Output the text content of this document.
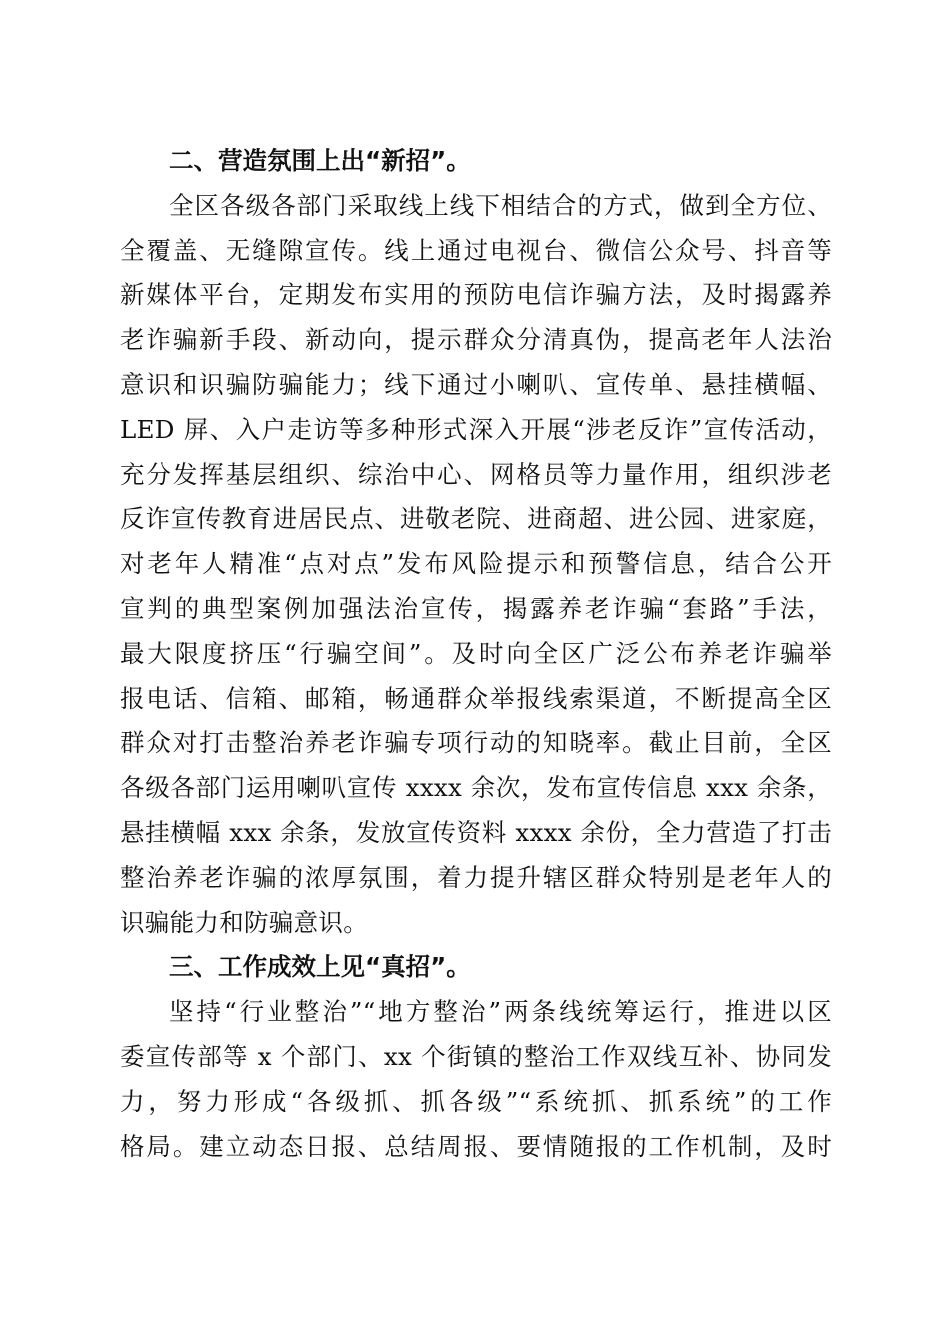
二、营造氛围上出“新招”。

全区各级各部门采取线上线下相结合的方式，做到全方位、
全覆盖、无缝隙宣传。线上通过电视台、微信公众号、抖音等
新媒体平台，定期发布实用的预防电信诈骗方法，及时揭露养
老诈骗新手段、新动向，提示群众分清真伪，提高老年人法治
意识和识骗防骗能力；线下通过小喇叭、宣传单、悬挂横幅、
LED 屏、入户走访等多种形式深入开展“涉老反诈”宣传活动，
充分发挥基层组织、综治中心、网格员等力量作用，组织涉老
反诈宣传教育进居民点、进敬老院、进商超、进公园、进家庭，
对老年人精准“点对点”发布风险提示和预警信息，结合公开
宣判的典型案例加强法治宣传，揭露养老诈骗“套路”手法，
最大限度挤压“行骗空间”。及时向全区广泛公布养老诈骗举
报电话、信箱、邮箱，畅通群众举报线索渠道，不断提高全区
群众对打击整治养老诈骗专项行动的知晓率。截止目前，全区
各级各部门运用喇叭宣传 xxxx 余次，发布宣传信息 xxx 余条，
悬挂横幅 xxx 余条，发放宣传资料 xxxx 余份，全力营造了打击
整治养老诈骗的浓厚氛围，着力提升辖区群众特别是老年人的
识骗能力和防骗意识。

三、工作成效上见“真招”。

坚持“行业整治”“地方整治”两条线统筹运行，推进以区
委宣传部等 x 个部门、xx 个街镇的整治工作双线互补、协同发
力，努力形成“各级抓、抓各级”“系统抓、抓系统”的工作
格局。建立动态日报、总结周报、要情随报的工作机制，及时
